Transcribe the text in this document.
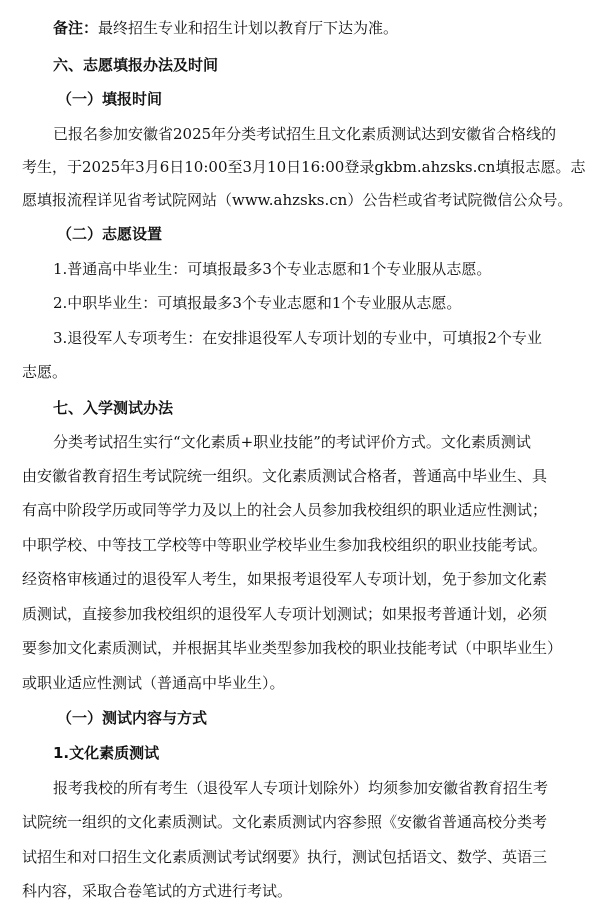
备注：最终招生专业和招生计划以教育厅下达为准。
六、志愿填报办法及时间
（一）填报时间
已报名参加安徽省2025年分类考试招生且文化素质测试达到安徽省合格线的
考生，于2025年3月6日10:00至3月10日16:00登录gkbm.ahzsks.cn填报志愿。志
愿填报流程详见省考试院网站（www.ahzsks.cn）公告栏或省考试院微信公众号。
（二）志愿设置
1.普通高中毕业生：可填报最多3个专业志愿和1个专业服从志愿。
2.中职毕业生：可填报最多3个专业志愿和1个专业服从志愿。
3.退役军人专项考生：在安排退役军人专项计划的专业中，可填报2个专业
志愿。
七、入学测试办法
分类考试招生实行“文化素质+职业技能”的考试评价方式。文化素质测试
由安徽省教育招生考试院统一组织。文化素质测试合格者，普通高中毕业生、具
有高中阶段学历或同等学力及以上的社会人员参加我校组织的职业适应性测试；
中职学校、中等技工学校等中等职业学校毕业生参加我校组织的职业技能考试。
经资格审核通过的退役军人考生，如果报考退役军人专项计划，免于参加文化素
质测试，直接参加我校组织的退役军人专项计划测试；如果报考普通计划，必须
要参加文化素质测试，并根据其毕业类型参加我校的职业技能考试（中职毕业生）
或职业适应性测试（普通高中毕业生）。
（一）测试内容与方式
1.文化素质测试
报考我校的所有考生（退役军人专项计划除外）均须参加安徽省教育招生考
试院统一组织的文化素质测试。文化素质测试内容参照《安徽省普通高校分类考
试招生和对口招生文化素质测试考试纲要》执行，测试包括语文、数学、英语三
科内容，采取合卷笔试的方式进行考试。
